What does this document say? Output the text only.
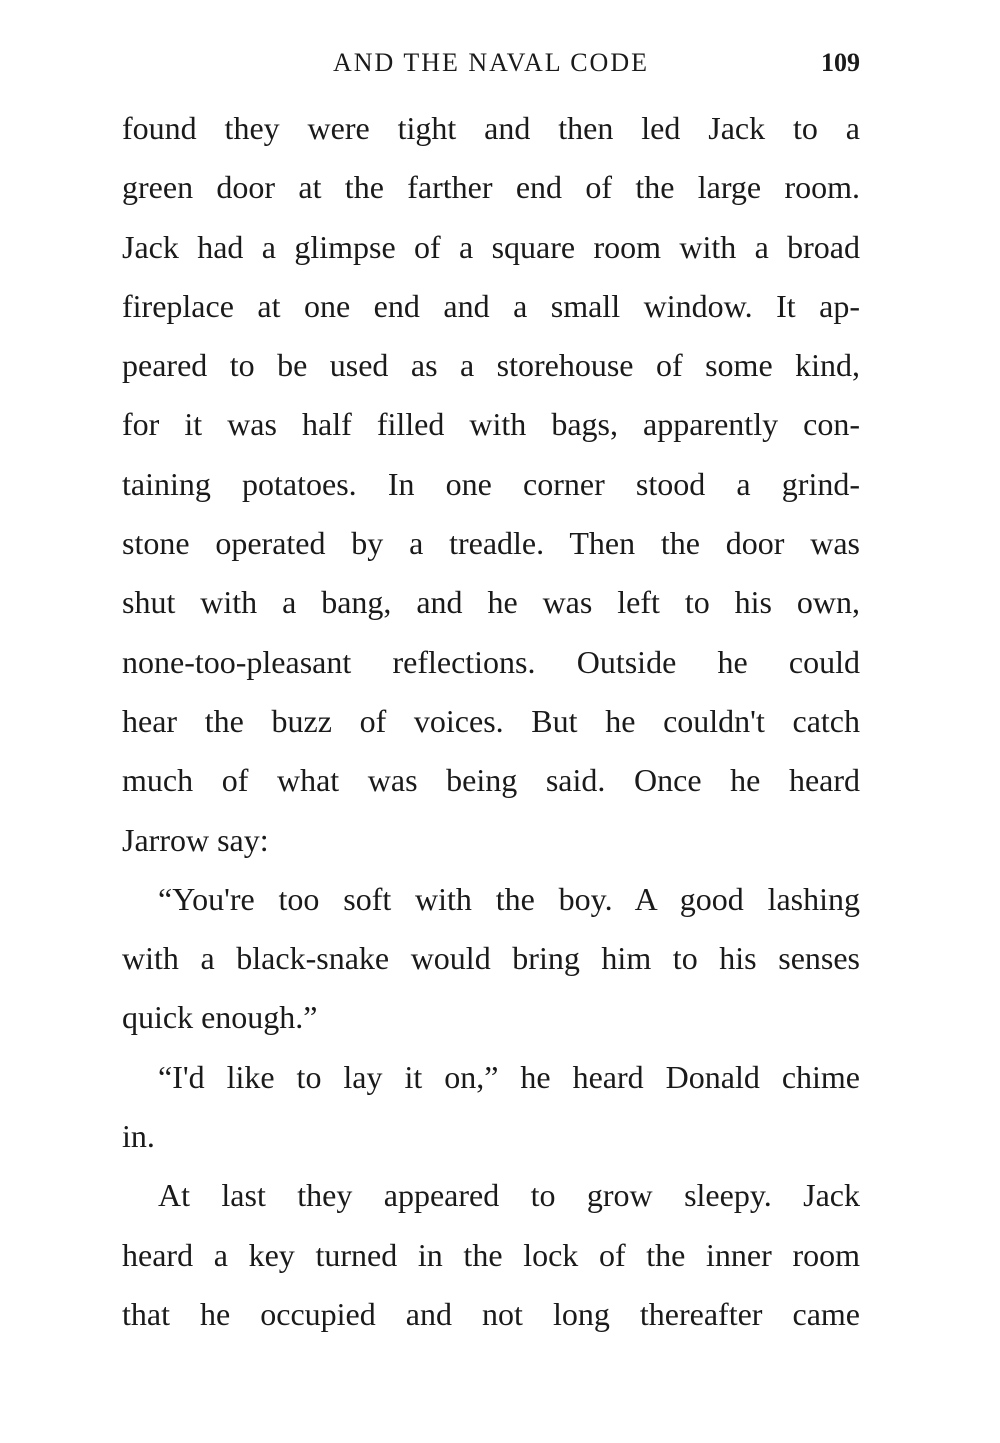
AND THE NAVAL CODE	109
found they were tight and then led Jack to a
green door at the farther end of the large room.
Jack had a glimpse of a square room with a broad
fireplace at one end and a small window. It ap-
peared to be used as a storehouse of some kind,
for it was half filled with bags, apparently con-
taining potatoes. In one corner stood a grind-
stone operated by a treadle. Then the door was
shut with a bang, and he was left to his own,
none-too-pleasant reflections. Outside he could
hear the buzz of voices. But he couldn't catch
much of what was being said. Once he heard
Jarrow say:
“You're too soft with the boy. A good lashing
with a black-snake would bring him to his senses
quick enough.”
“I'd like to lay it on,” he heard Donald chime
in.
At last they appeared to grow sleepy. Jack
heard a key turned in the lock of the inner room
that he occupied and not long thereafter came
